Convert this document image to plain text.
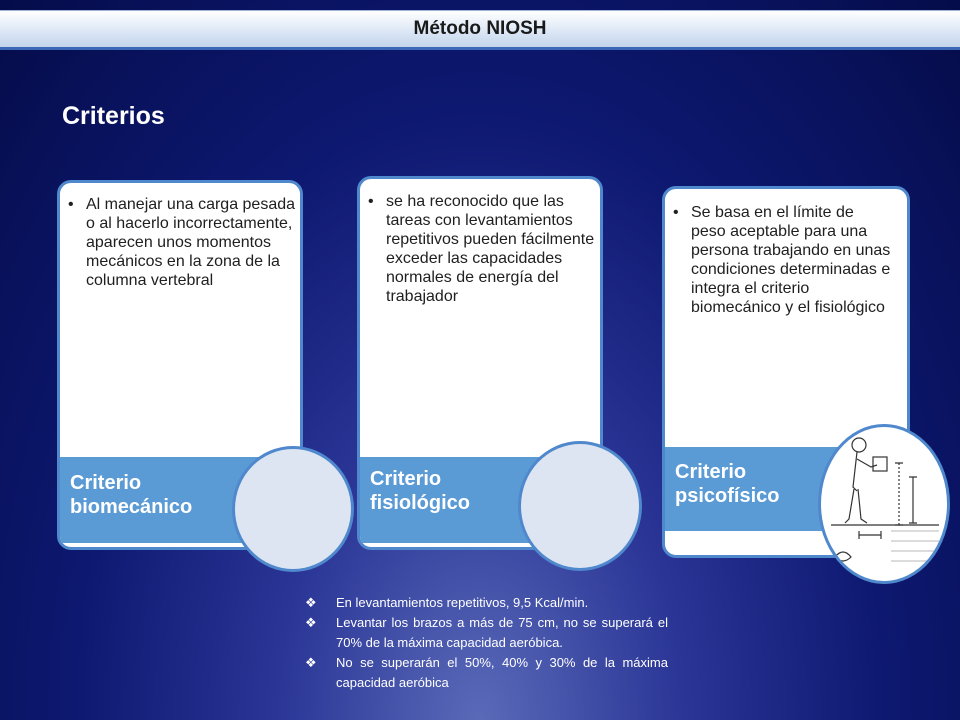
Método NIOSH
Criterios
• Al manejar una carga pesada o al hacerlo incorrectamente, aparecen unos momentos mecánicos en la zona de la columna vertebral
Criterio biomecánico
• se ha reconocido que las tareas con levantamientos repetitivos pueden fácilmente exceder las capacidades normales de energía del trabajador
Criterio fisiológico
• Se basa en el límite de peso aceptable para una persona trabajando en unas condiciones determinadas e integra el criterio biomecánico y el fisiológico
Criterio psicofísico
❖ En levantamientos repetitivos, 9,5 Kcal/min.
❖ Levantar los brazos a más de 75 cm, no se superará el 70% de la máxima capacidad aeróbica.
❖ No se superarán el 50%, 40% y 30% de la máxima capacidad aeróbica
